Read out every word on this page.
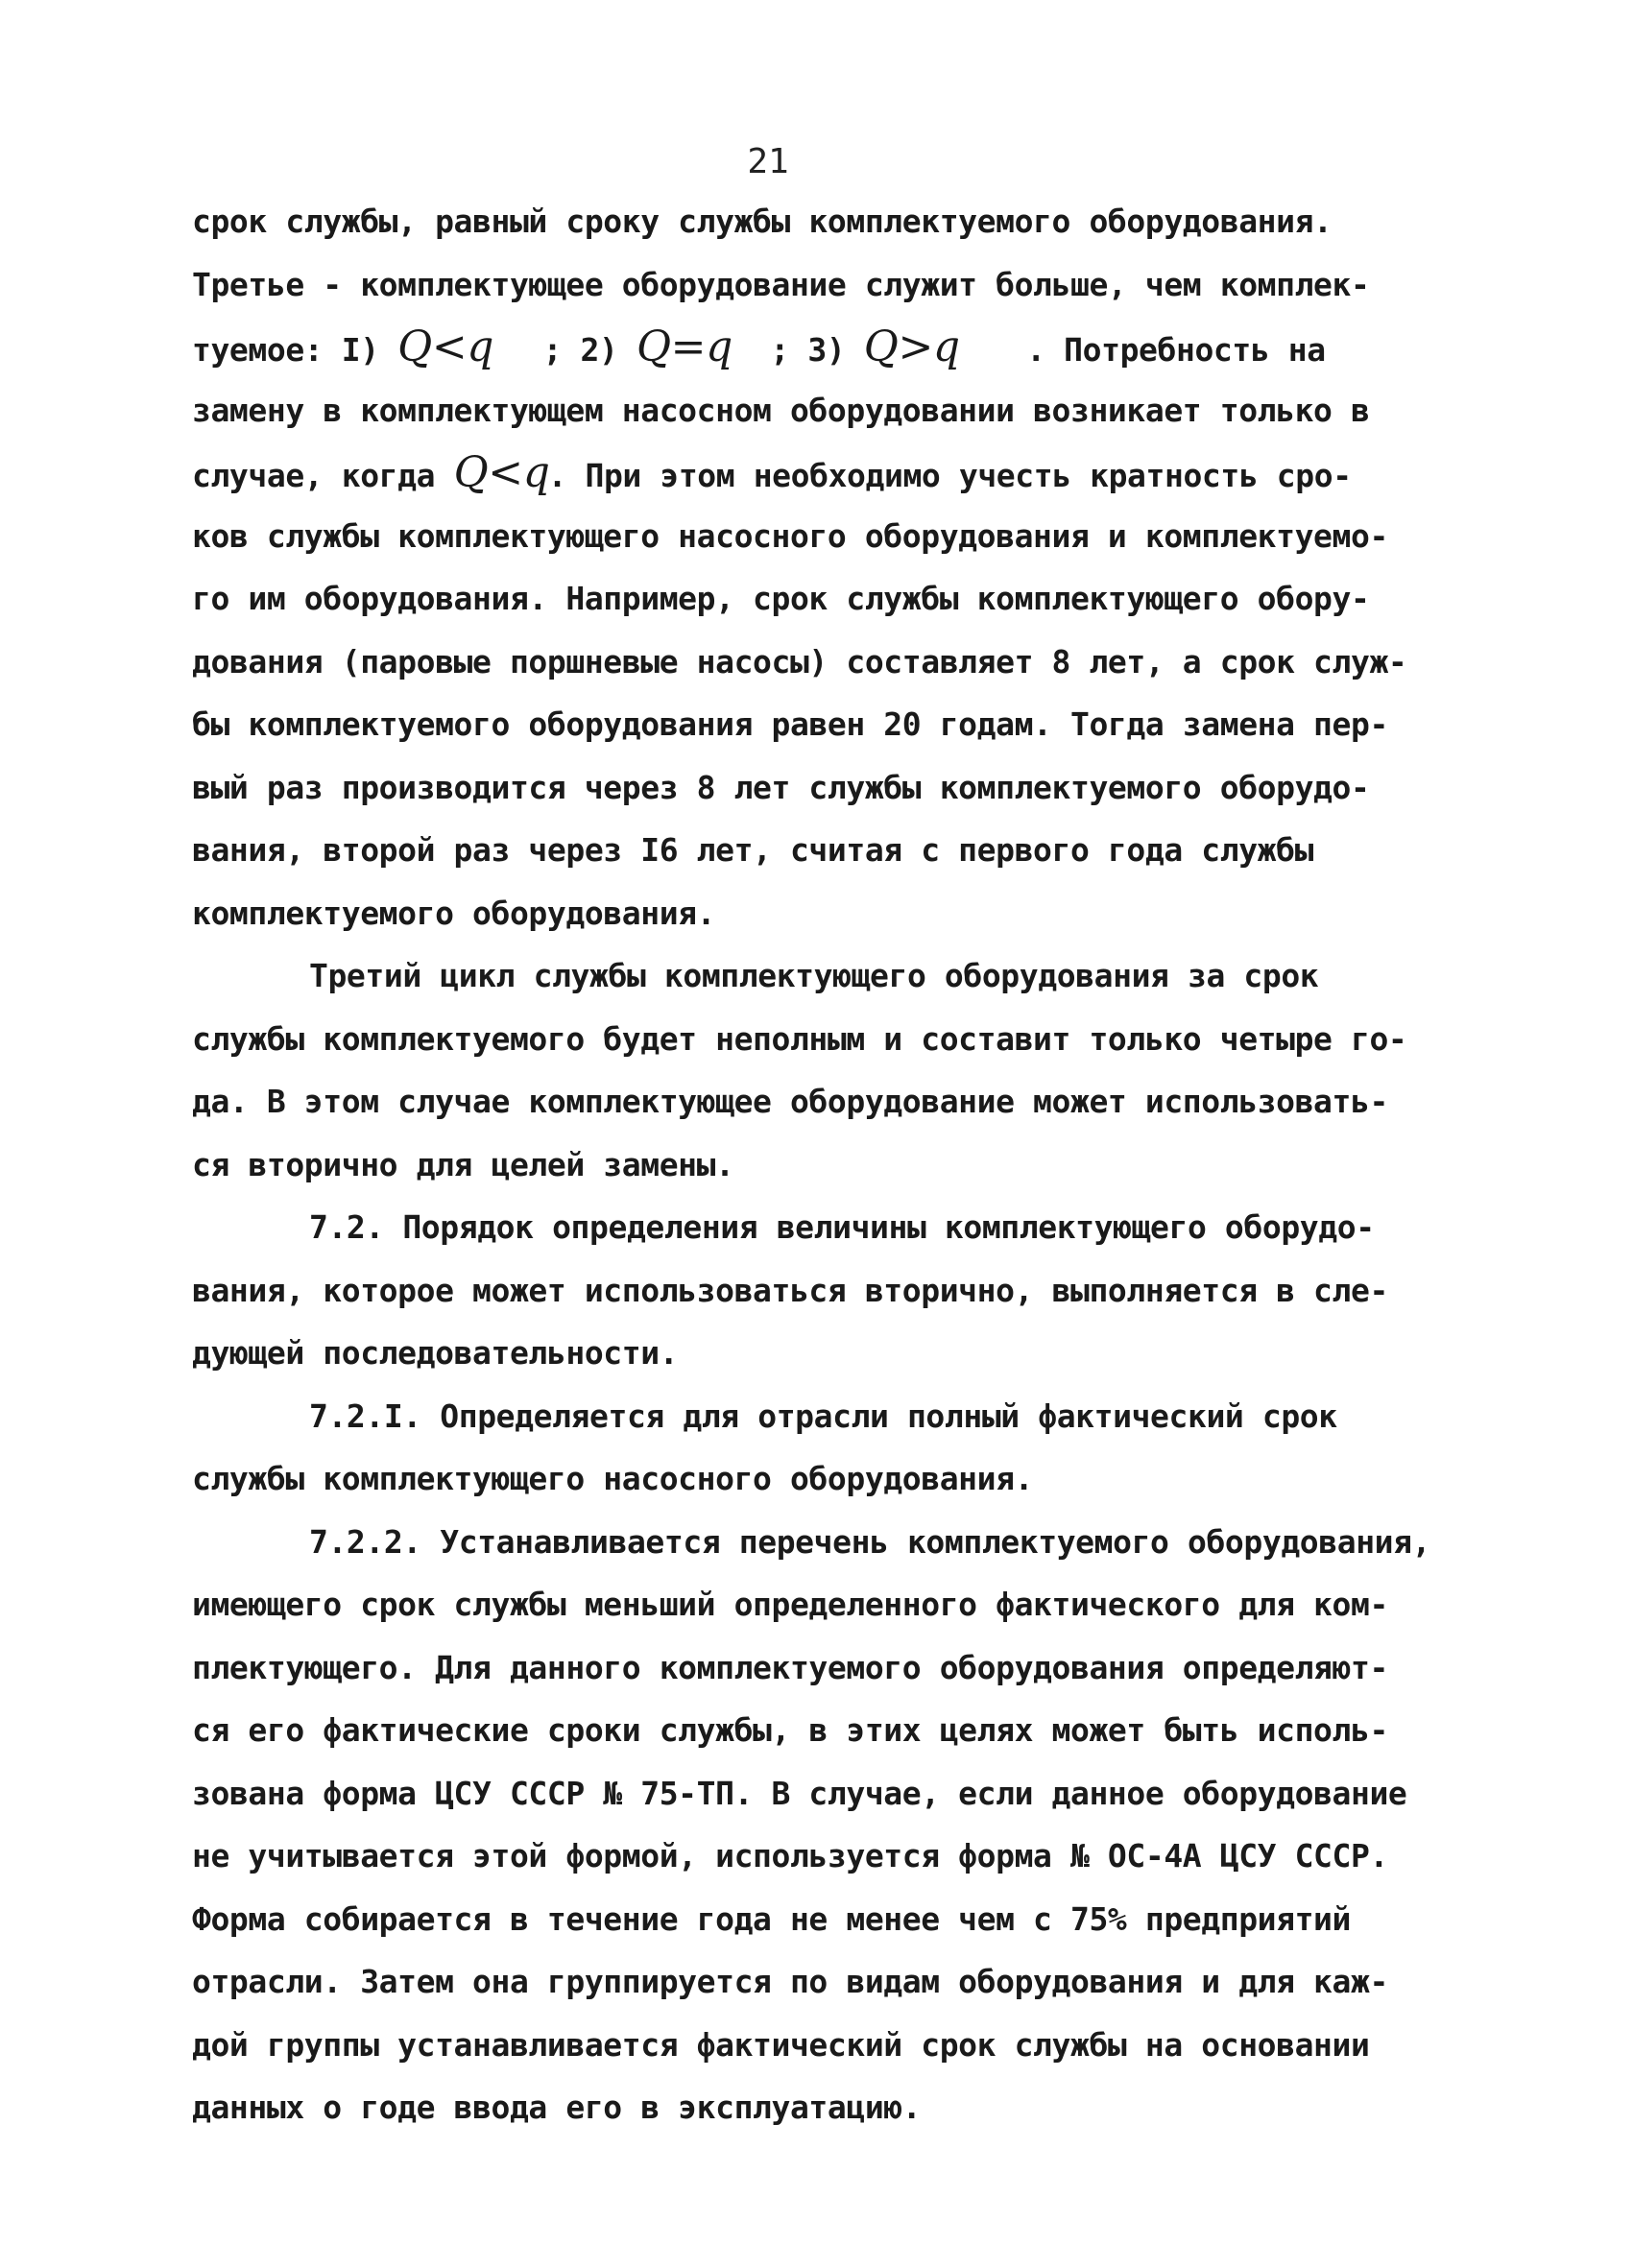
21
срок службы, равный сроку службы комплектуемого оборудования.
Третье - комплектующее оборудование служит больше, чем комплек-
туемое: I) Q<q ; 2) Q=q ; 3) Q>q . Потребность на
замену в комплектующем насосном оборудовании возникает только в
случае, когда Q<q. При этом необходимо учесть кратность сро-
ков службы комплектующего насосного оборудования и комплектуемо-
го им оборудования. Например, срок службы комплектующего обору-
дования (паровые поршневые насосы) составляет 8 лет, а срок служ-
бы комплектуемого оборудования равен 20 годам. Тогда замена пер-
вый раз производится через 8 лет службы комплектуемого оборудо-
вания, второй раз через I6 лет, считая с первого года службы
комплектуемого оборудования.
Третий цикл службы комплектующего оборудования за срок
службы комплектуемого будет неполным и составит только четыре го-
да. В этом случае комплектующее оборудование может использовать-
ся вторично для целей замены.
7.2. Порядок определения величины комплектующего оборудо-
вания, которое может использоваться вторично, выполняется в сле-
дующей последовательности.
7.2.I. Определяется для отрасли полный фактический срок
службы комплектующего насосного оборудования.
7.2.2. Устанавливается перечень комплектуемого оборудования,
имеющего срок службы меньший определенного фактического для ком-
плектующего. Для данного комплектуемого оборудования определяют-
ся его фактические сроки службы, в этих целях может быть исполь-
зована форма ЦСУ СССР № 75-ТП. В случае, если данное оборудование
не учитывается этой формой, используется форма № ОС-4А ЦСУ СССР.
Форма собирается в течение года не менее чем с 75% предприятий
отрасли. Затем она группируется по видам оборудования и для каж-
дой группы устанавливается фактический срок службы на основании
данных о годе ввода его в эксплуатацию.
